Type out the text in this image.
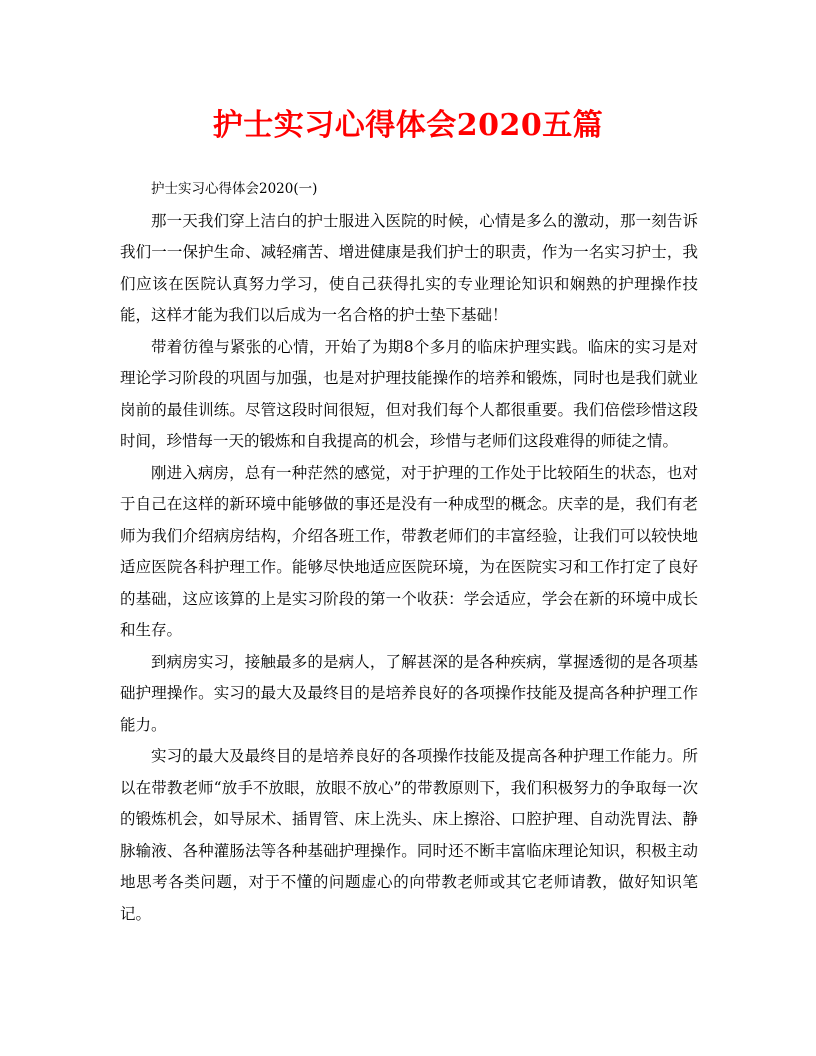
护士实习心得体会2020五篇

护士实习心得体会2020(一)

那一天我们穿上洁白的护士服进入医院的时候，心情是多么的激动，那一刻告诉我们一一保护生命、减轻痛苦、增进健康是我们护士的职责，作为一名实习护士，我们应该在医院认真努力学习，使自己获得扎实的专业理论知识和娴熟的护理操作技能，这样才能为我们以后成为一名合格的护士垫下基础！

带着彷徨与紧张的心情，开始了为期8个多月的临床护理实践。临床的实习是对理论学习阶段的巩固与加强，也是对护理技能操作的培养和锻炼，同时也是我们就业岗前的最佳训练。尽管这段时间很短，但对我们每个人都很重要。我们倍偿珍惜这段时间，珍惜每一天的锻炼和自我提高的机会，珍惜与老师们这段难得的师徒之情。

刚进入病房，总有一种茫然的感觉，对于护理的工作处于比较陌生的状态，也对于自己在这样的新环境中能够做的事还是没有一种成型的概念。庆幸的是，我们有老师为我们介绍病房结构，介绍各班工作，带教老师们的丰富经验，让我们可以较快地适应医院各科护理工作。能够尽快地适应医院环境，为在医院实习和工作打定了良好的基础，这应该算的上是实习阶段的第一个收获：学会适应，学会在新的环境中成长和生存。

到病房实习，接触最多的是病人，了解甚深的是各种疾病，掌握透彻的是各项基础护理操作。实习的最大及最终目的是培养良好的各项操作技能及提高各种护理工作能力。

实习的最大及最终目的是培养良好的各项操作技能及提高各种护理工作能力。所以在带教老师“放手不放眼，放眼不放心”的带教原则下，我们积极努力的争取每一次的锻炼机会，如导尿术、插胃管、床上洗头、床上擦浴、口腔护理、自动洗胃法、静脉输液、各种灌肠法等各种基础护理操作。同时还不断丰富临床理论知识，积极主动地思考各类问题，对于不懂的问题虚心的向带教老师或其它老师请教，做好知识笔记。
